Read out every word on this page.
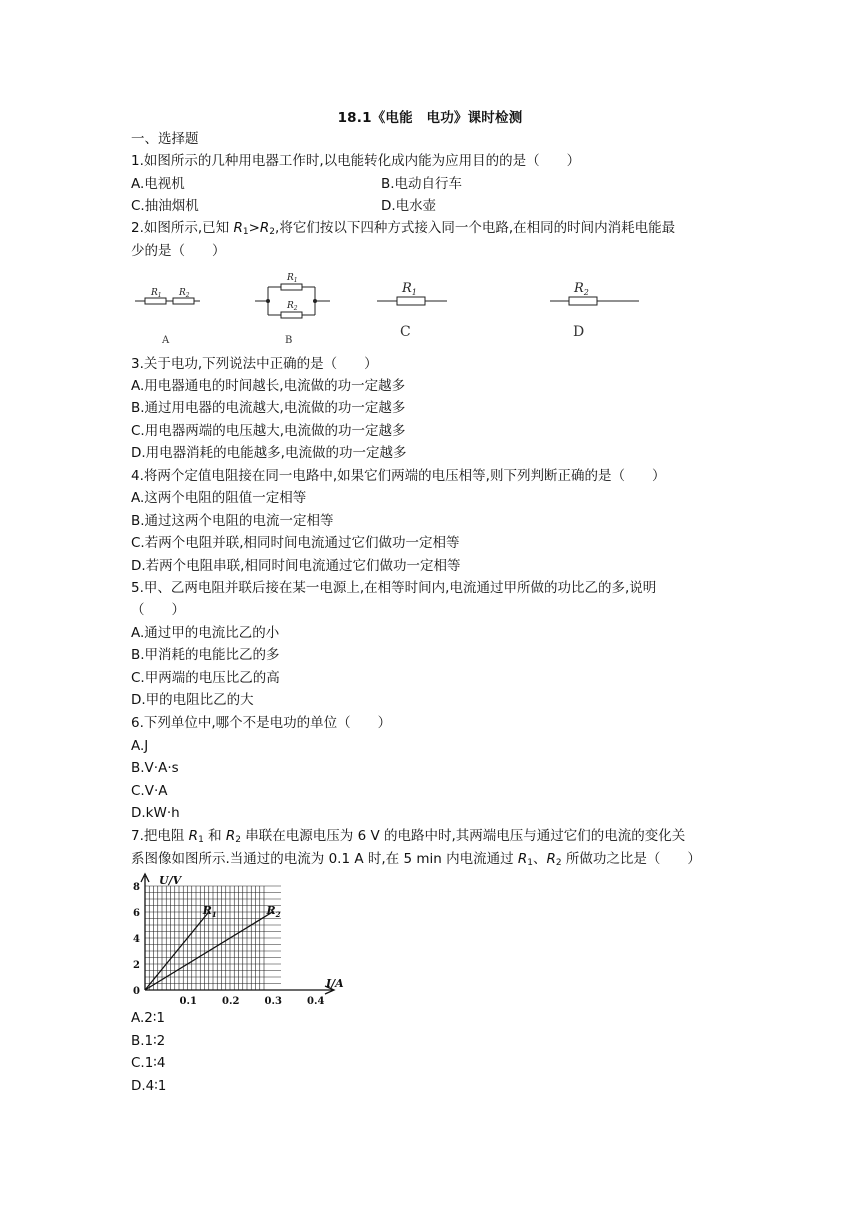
18.1《电能　电功》课时检测
一、选择题
1.如图所示的几种用电器工作时,以电能转化成内能为应用目的的是（　　）
A.电视机	B.电动自行车
C.抽油烟机	D.电水壶
2.如图所示,已知 $R_1>R_2$,将它们按以下四种方式接入同一个电路,在相同的时间内消耗电能最
少的是（　　）
$R_1$ $R_2$
$R_1$
$R_2$
$R_1$	$R_2$
A	B
C	D
3.关于电功,下列说法中正确的是（　　）
A.用电器通电的时间越长,电流做的功一定越多
B.通过用电器的电流越大,电流做的功一定越多
C.用电器两端的电压越大,电流做的功一定越多
D.用电器消耗的电能越多,电流做的功一定越多
4.将两个定值电阻接在同一电路中,如果它们两端的电压相等,则下列判断正确的是（　　）
A.这两个电阻的阻值一定相等
B.通过这两个电阻的电流一定相等
C.若两个电阻并联,相同时间电流通过它们做功一定相等
D.若两个电阻串联,相同时间电流通过它们做功一定相等
5.甲、乙两电阻并联后接在某一电源上,在相等时间内,电流通过甲所做的功比乙的多,说明
（　　）
A.通过甲的电流比乙的小
B.甲消耗的电能比乙的多
C.甲两端的电压比乙的高
D.甲的电阻比乙的大
6.下列单位中,哪个不是电功的单位（　　）
A.J
B.V·A·s
C.V·A
D.kW·h
7.把电阻 $R_1$ 和 $R_2$ 串联在电源电压为 6 V 的电路中时,其两端电压与通过它们的电流的变化关
系图像如图所示.当通过的电流为 0.1 A 时,在 5 min 内电流通过 $R_1$、$R_2$ 所做功之比是（　　）
$R_1$	$R_2$
0
2
4
6
8
0.1	0.2	0.3	0.4
U/V
I/A
A.2∶1
B.1∶2
C.1∶4
D.4∶1
